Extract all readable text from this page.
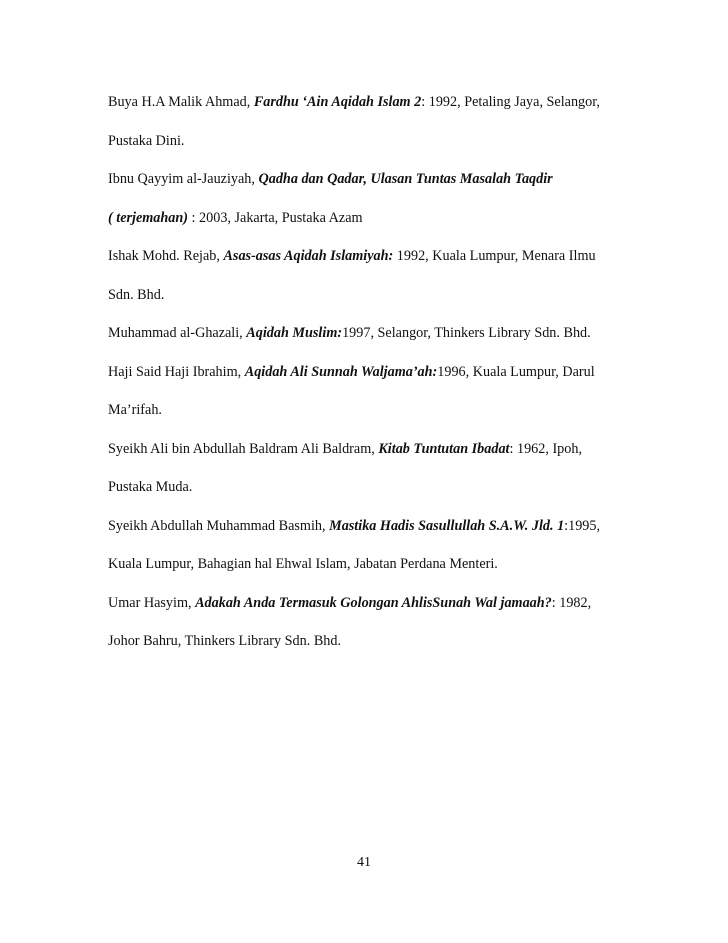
Buya H.A Malik Ahmad, Fardhu ‘Ain Aqidah Islam 2: 1992, Petaling Jaya, Selangor,
Pustaka Dini.
Ibnu Qayyim al-Jauziyah, Qadha dan Qadar, Ulasan Tuntas Masalah Taqdir
( terjemahan) : 2003, Jakarta, Pustaka Azam
Ishak Mohd. Rejab, Asas-asas Aqidah Islamiyah: 1992, Kuala Lumpur, Menara Ilmu
Sdn. Bhd.
Muhammad al-Ghazali, Aqidah Muslim:1997, Selangor, Thinkers Library Sdn. Bhd.
Haji Said Haji Ibrahim, Aqidah Ali Sunnah Waljama’ah:1996, Kuala Lumpur, Darul
Ma’rifah.
Syeikh Ali bin Abdullah Baldram Ali Baldram, Kitab Tuntutan Ibadat: 1962, Ipoh,
Pustaka Muda.
Syeikh Abdullah Muhammad Basmih, Mastika Hadis Sasullullah S.A.W. Jld. 1:1995,
Kuala Lumpur, Bahagian hal Ehwal Islam, Jabatan Perdana Menteri.
Umar Hasyim, Adakah Anda Termasuk Golongan AhlisSunah Wal jamaah?: 1982,
Johor Bahru, Thinkers Library Sdn. Bhd.
41
